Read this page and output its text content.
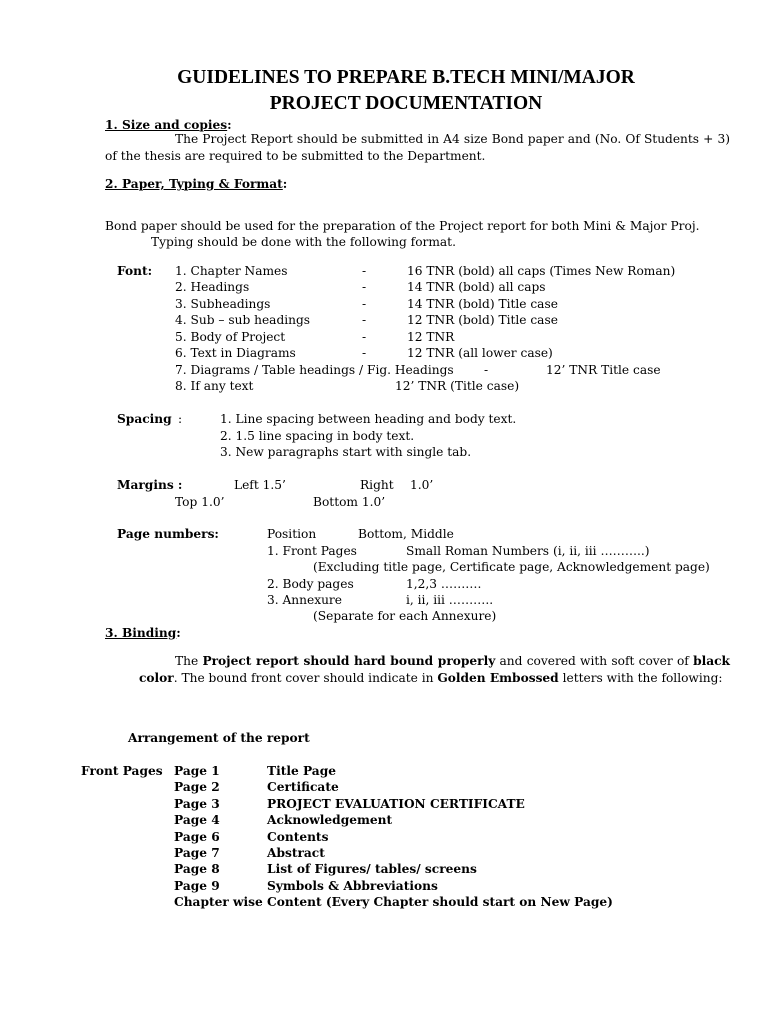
GUIDELINES TO PREPARE B.TECH MINI/MAJOR
PROJECT DOCUMENTATION
1. Size and copies:
The Project Report should be submitted in A4 size Bond paper and (No. Of Students + 3) of the thesis are required to be submitted to the Department.
2. Paper, Typing & Format:
Bond paper should be used for the preparation of the Project report for both Mini & Major Proj.
Typing should be done with the following format.
Font: 1. Chapter Names	-	16 TNR (bold) all caps (Times New Roman)
2. Headings	-	14 TNR (bold) all caps
3. Subheadings	-	14 TNR (bold) Title case
4. Sub – sub headings	-	12 TNR (bold) Title case
5. Body of Project	-	12 TNR
6. Text in Diagrams	-	12 TNR (all lower case)
7. Diagrams / Table headings / Fig. Headings -	12’ TNR Title case
8. If any text	12’ TNR (Title case)
Spacing :	1. Line spacing between heading and body text.
2. 1.5 line spacing in body text.
3. New paragraphs start with single tab.
Margins :	Left 1.5’	Right 1.0’
Top 1.0’	Bottom 1.0’
Page numbers:	Position	Bottom, Middle
1. Front Pages	Small Roman Numbers (i, ii, iii ………..)
(Excluding title page, Certificate page, Acknowledgement page)
2. Body pages	1,2,3 ……….
3. Annexure	i, ii, iii ………..
(Separate for each Annexure)
3. Binding:
The Project report should hard bound properly and covered with soft cover of black color. The bound front cover should indicate in Golden Embossed letters with the following:
Arrangement of the report
Front Pages Page 1	Title Page
Page 2	Certificate
Page 3	PROJECT EVALUATION CERTIFICATE
Page 4	Acknowledgement
Page 6	Contents
Page 7	Abstract
Page 8	List of Figures/ tables/ screens
Page 9	Symbols & Abbreviations
Chapter wise Content (Every Chapter should start on New Page)
